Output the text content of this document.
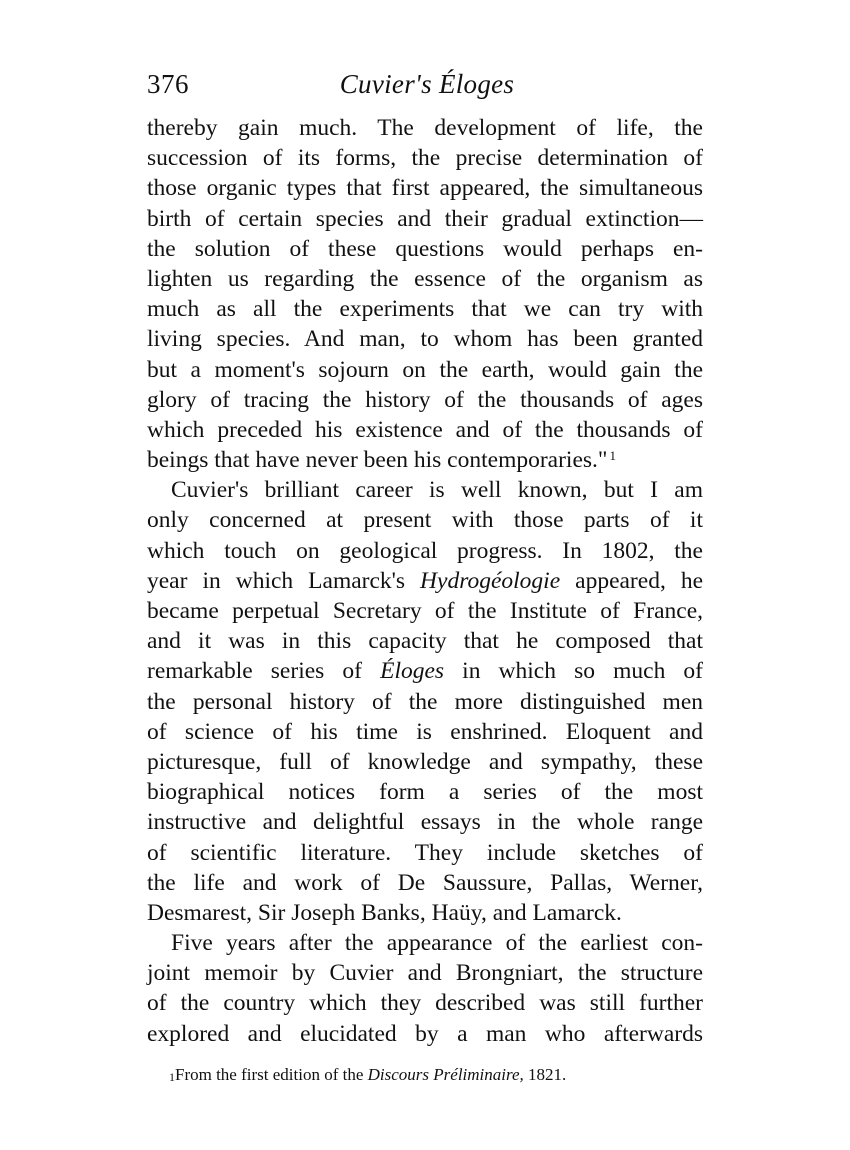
376	Cuvier's Éloges
thereby gain much. The development of life, the
succession of its forms, the precise determination of
those organic types that first appeared, the simultaneous
birth of certain species and their gradual extinction—
the solution of these questions would perhaps en-
lighten us regarding the essence of the organism as
much as all the experiments that we can try with
living species. And man, to whom has been granted
but a moment's sojourn on the earth, would gain the
glory of tracing the history of the thousands of ages
which preceded his existence and of the thousands of
beings that have never been his contemporaries." $^1$
Cuvier's brilliant career is well known, but I am
only concerned at present with those parts of it
which touch on geological progress. In 1802, the
year in which Lamarck's Hydrogéologie appeared, he
became perpetual Secretary of the Institute of France,
and it was in this capacity that he composed that
remarkable series of Éloges in which so much of
the personal history of the more distinguished men
of science of his time is enshrined. Eloquent and
picturesque, full of knowledge and sympathy, these
biographical notices form a series of the most
instructive and delightful essays in the whole range
of scientific literature. They include sketches of
the life and work of De Saussure, Pallas, Werner,
Desmarest, Sir Joseph Banks, Haüy, and Lamarck.
Five years after the appearance of the earliest con-
joint memoir by Cuvier and Brongniart, the structure
of the country which they described was still further
explored and elucidated by a man who afterwards
$^1$From the first edition of the Discours Préliminaire, 1821.
